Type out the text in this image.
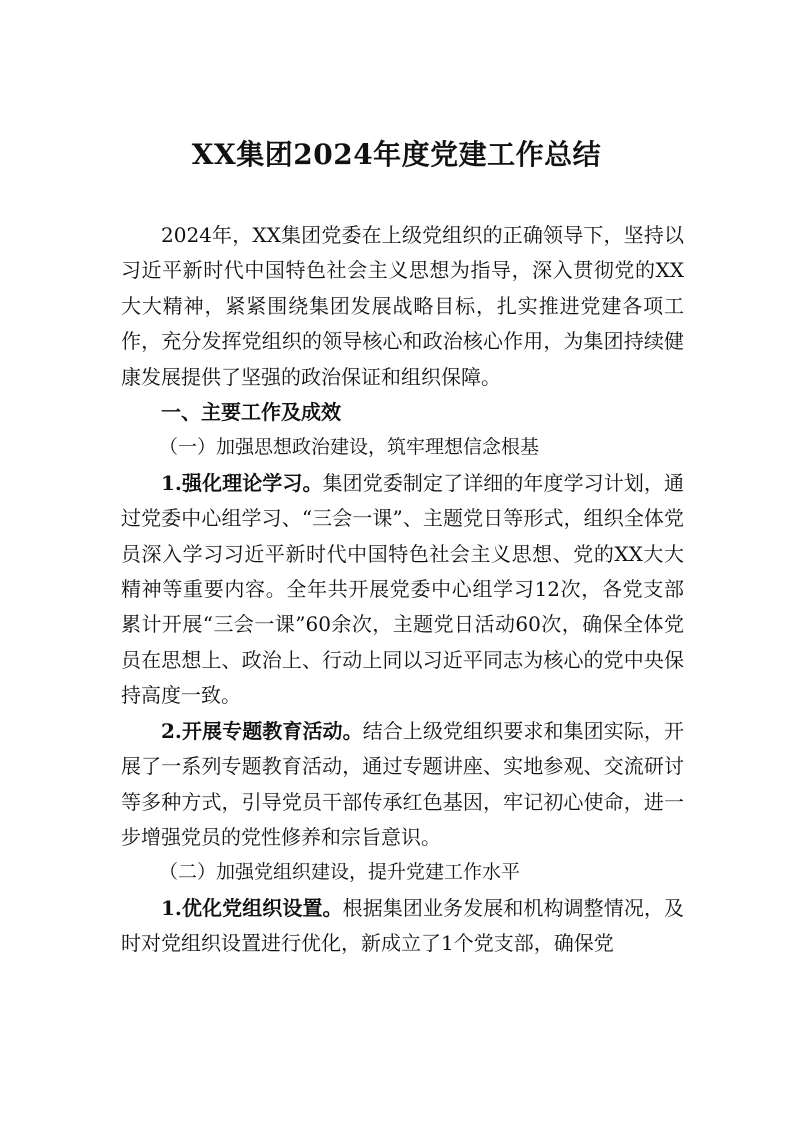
XX集团2024年度党建工作总结

2024年，XX集团党委在上级党组织的正确领导下，坚持以习近平新时代中国特色社会主义思想为指导，深入贯彻党的XX大大精神，紧紧围绕集团发展战略目标，扎实推进党建各项工作，充分发挥党组织的领导核心和政治核心作用，为集团持续健康发展提供了坚强的政治保证和组织保障。

一、主要工作及成效

（一）加强思想政治建设，筑牢理想信念根基

1.强化理论学习。集团党委制定了详细的年度学习计划，通过党委中心组学习、“三会一课”、主题党日等形式，组织全体党员深入学习习近平新时代中国特色社会主义思想、党的XX大大精神等重要内容。全年共开展党委中心组学习12次，各党支部累计开展“三会一课”60余次，主题党日活动60次，确保全体党员在思想上、政治上、行动上同以习近平同志为核心的党中央保持高度一致。

2.开展专题教育活动。结合上级党组织要求和集团实际，开展了一系列专题教育活动，通过专题讲座、实地参观、交流研讨等多种方式，引导党员干部传承红色基因，牢记初心使命，进一步增强党员的党性修养和宗旨意识。

（二）加强党组织建设，提升党建工作水平

1.优化党组织设置。根据集团业务发展和机构调整情况，及时对党组织设置进行优化，新成立了1个党支部，确保党
